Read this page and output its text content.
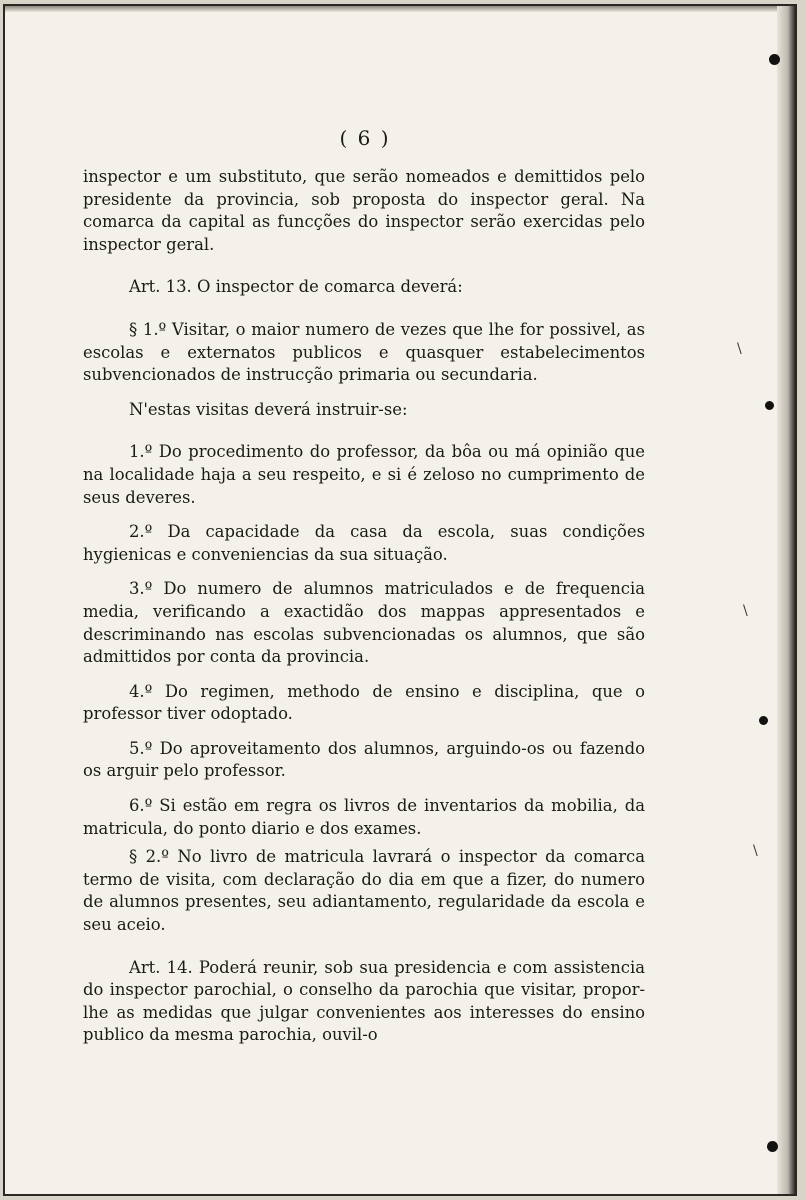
\
\
\
( 6 )

inspector e um substituto, que serão nomeados e demittidos pelo presidente da provincia, sob proposta do inspector geral. Na comarca da capital as funcções do inspector serão exercidas pelo inspector geral.

Art. 13. O inspector de comarca deverá:

§ 1.º Visitar, o maior numero de vezes que lhe for possivel, as escolas e externatos publicos e quasquer estabelecimentos subvencionados de instrucção primaria ou secundaria.

N'estas visitas deverá instruir-se:

1.º Do procedimento do professor, da bôa ou má opinião que na localidade haja a seu respeito, e si é zeloso no cumprimento de seus deveres.

2.º Da capacidade da casa da escola, suas condições hygienicas e conveniencias da sua situação.

3.º Do numero de alumnos matriculados e de frequencia media, verificando a exactidão dos mappas appresentados e descriminando nas escolas subvencionadas os alumnos, que são admittidos por conta da provincia.

4.º Do regimen, methodo de ensino e disciplina, que o professor tiver odoptado.

5.º Do aproveitamento dos alumnos, arguindo-os ou fazendo os arguir pelo professor.

6.º Si estão em regra os livros de inventarios da mobilia, da matricula, do ponto diario e dos exames.

§ 2.º No livro de matricula lavrará o inspector da comarca termo de visita, com declaração do dia em que a fizer, do numero de alumnos presentes, seu adiantamento, regularidade da escola e seu aceio.

Art. 14. Poderá reunir, sob sua presidencia e com assistencia do inspector parochial, o conselho da parochia que visitar, propor-lhe as medidas que julgar convenientes aos interesses do ensino publico da mesma parochia, ouvil-o
